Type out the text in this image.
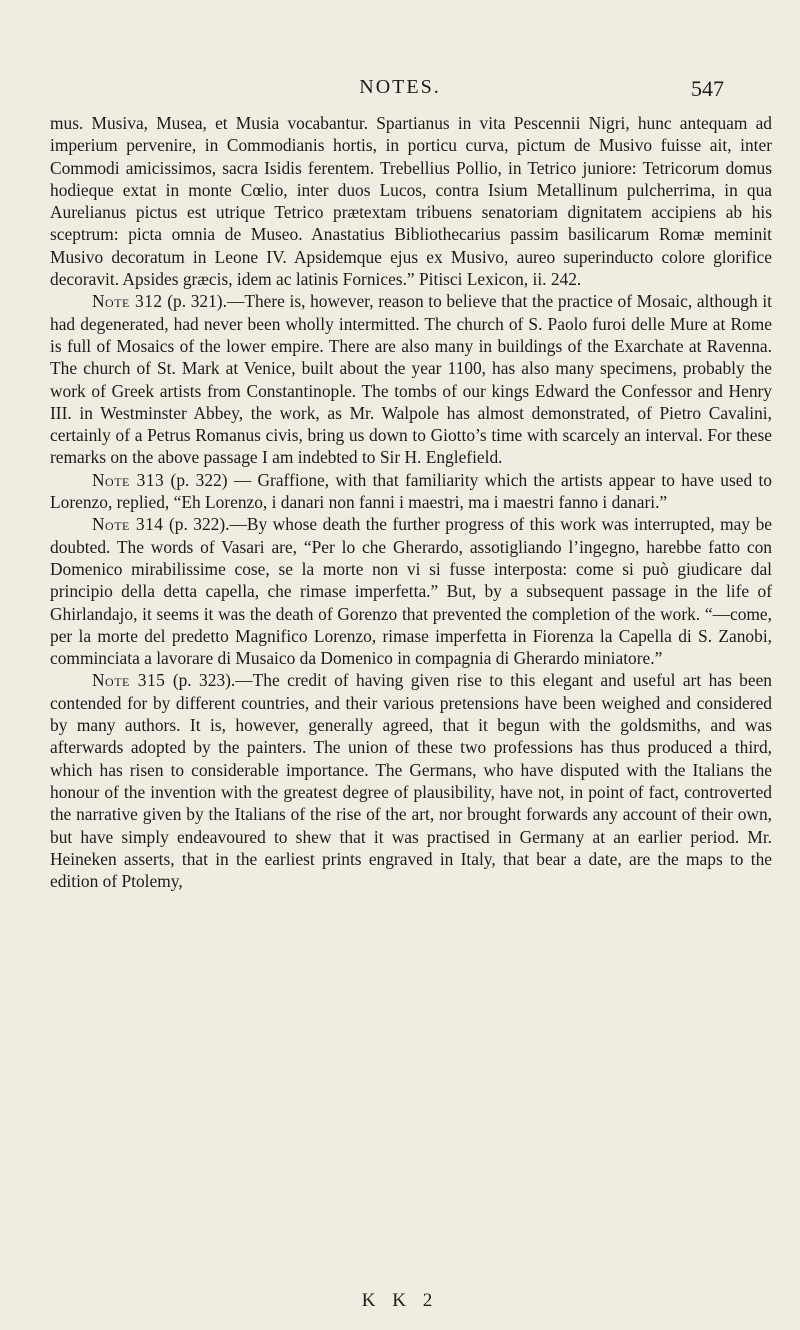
NOTES.	547

mus. Musiva, Musea, et Musia vocabantur. Spartianus in vita Pescennii Nigri, hunc antequam ad imperium pervenire, in Commodianis hortis, in porticu curva, pictum de Musivo fuisse ait, inter Commodi amicissimos, sacra Isidis ferentem. Trebellius Pollio, in Tetrico juniore: Tetricorum domus hodieque extat in monte Cœlio, inter duos Lucos, contra Isium Metallinum pulcherrima, in qua Aurelianus pictus est utrique Tetrico prætextam tribuens senatoriam dignitatem accipiens ab his sceptrum: picta omnia de Museo. Anastatius Bibliothecarius passim basilicarum Romæ meminit Musivo decoratum in Leone IV. Apsidemque ejus ex Musivo, aureo superinducto colore glorifice decoravit. Apsides græcis, idem ac latinis Fornices.” Pitisci Lexicon, ii. 242.

Note 312 (p. 321).—There is, however, reason to believe that the practice of Mosaic, although it had degenerated, had never been wholly intermitted. The church of S. Paolo furoi delle Mure at Rome is full of Mosaics of the lower empire. There are also many in buildings of the Exarchate at Ravenna. The church of St. Mark at Venice, built about the year 1100, has also many specimens, probably the work of Greek artists from Constantinople. The tombs of our kings Edward the Confessor and Henry III. in Westminster Abbey, the work, as Mr. Walpole has almost demonstrated, of Pietro Cavalini, certainly of a Petrus Romanus civis, bring us down to Giotto’s time with scarcely an interval. For these remarks on the above passage I am indebted to Sir H. Englefield.

Note 313 (p. 322) — Graffione, with that familiarity which the artists appear to have used to Lorenzo, replied, “Eh Lorenzo, i danari non fanni i maestri, ma i maestri fanno i danari.”

Note 314 (p. 322).—By whose death the further progress of this work was interrupted, may be doubted. The words of Vasari are, “Per lo che Gherardo, assotigliando l’ingegno, harebbe fatto con Domenico mirabilissime cose, se la morte non vi si fusse interposta: come si può giudicare dal principio della detta capella, che rimase imperfetta.” But, by a subsequent passage in the life of Ghirlandajo, it seems it was the death of Gorenzo that prevented the completion of the work. “—come, per la morte del predetto Magnifico Lorenzo, rimase imperfetta in Fiorenza la Capella di S. Zanobi, comminciata a lavorare di Musaico da Domenico in compagnia di Gherardo miniatore.”

Note 315 (p. 323).—The credit of having given rise to this elegant and useful art has been contended for by different countries, and their various pretensions have been weighed and considered by many authors. It is, however, generally agreed, that it begun with the goldsmiths, and was afterwards adopted by the painters. The union of these two professions has thus produced a third, which has risen to considerable importance. The Germans, who have disputed with the Italians the honour of the invention with the greatest degree of plausibility, have not, in point of fact, controverted the narrative given by the Italians of the rise of the art, nor brought forwards any account of their own, but have simply endeavoured to shew that it was practised in Germany at an earlier period. Mr. Heineken asserts, that in the earliest prints engraved in Italy, that bear a date, are the maps to the edition of Ptolemy,

K K 2
